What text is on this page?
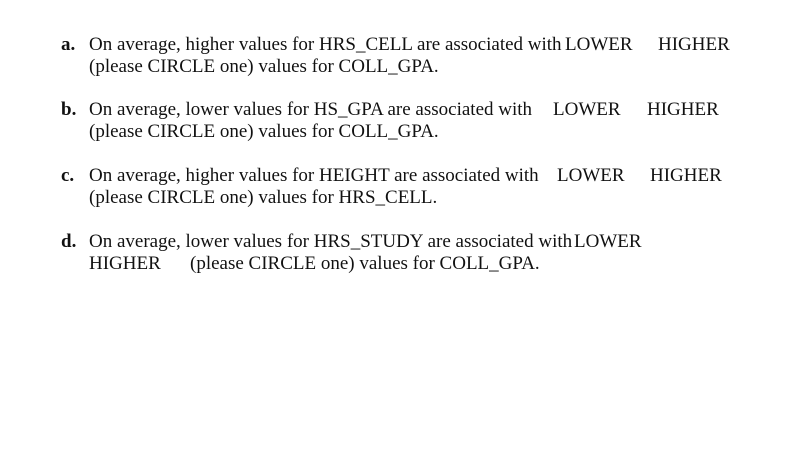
a. On average, higher values for HRS_CELL are associated with LOWER HIGHER
(please CIRCLE one) values for COLL_GPA.
b. On average, lower values for HS_GPA are associated with LOWER HIGHER
(please CIRCLE one) values for COLL_GPA.
c. On average, higher values for HEIGHT are associated with LOWER HIGHER
(please CIRCLE one) values for HRS_CELL.
d. On average, lower values for HRS_STUDY are associated with LOWER
HIGHER (please CIRCLE one) values for COLL_GPA.
